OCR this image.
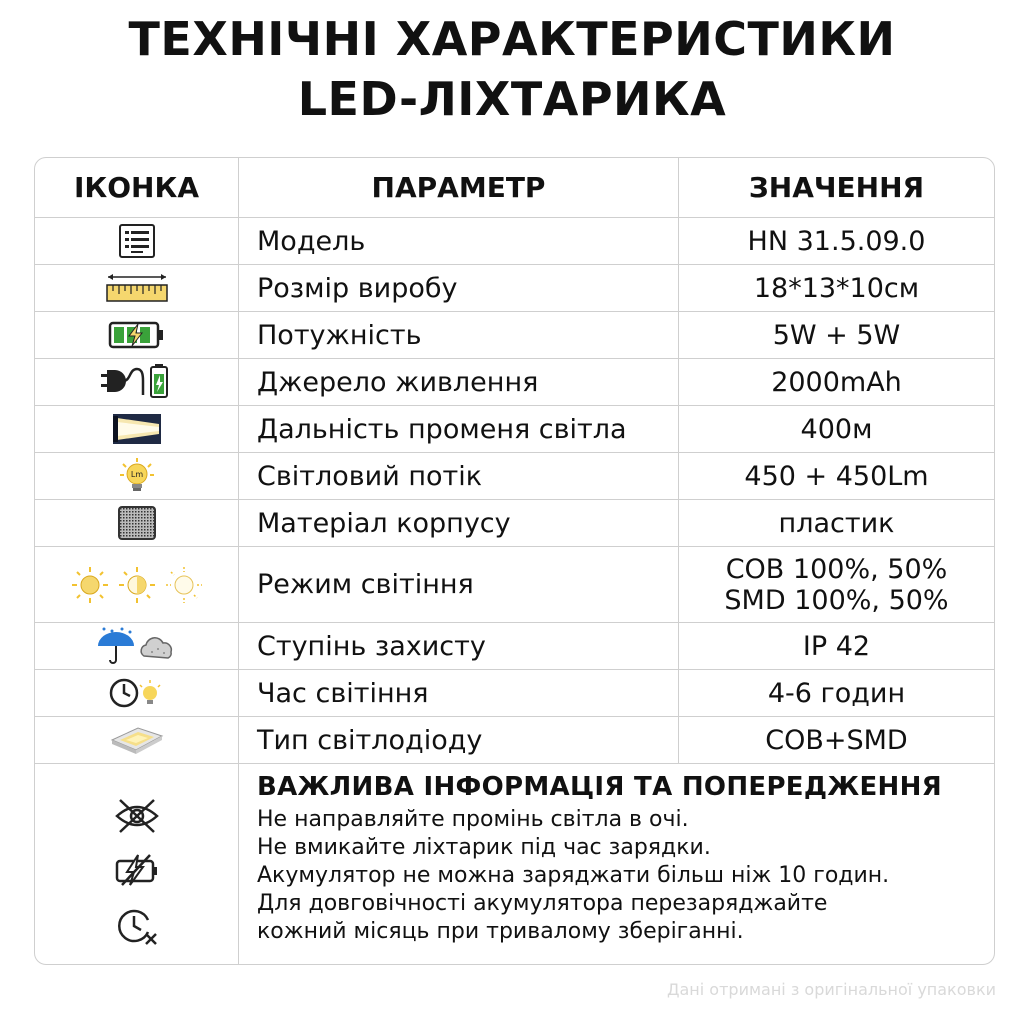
ТЕХНІЧНІ ХАРАКТЕРИСТИКИ
LED-ЛІХТАРИКА
ІКОНКА	ПАРАМЕТР	ЗНАЧЕННЯ
Модель	HN 31.5.09.0
Розмір виробу	18*13*10см
Потужність	5W + 5W
Джерело живлення	2000mAh
Дальність променя світла	400м
Lm	Світловий потік	450 + 450Lm
Матеріал корпусу	пластик
Режим світіння	COB 100%, 50%
SMD 100%, 50%
Ступінь захисту	IP 42
Час світіння	4-6 годин
Тип світлодіоду	COB+SMD
ВАЖЛИВА ІНФОРМАЦІЯ ТА ПОПЕРЕДЖЕННЯ
Не направляйте промінь світла в очі.
Не вмикайте ліхтарик під час зарядки.
Акумулятор не можна заряджати більш ніж 10 годин.
Для довговічності акумулятора перезаряджайте
кожний місяць при тривалому зберіганні.
Дані отримані з оригінальної упаковки
